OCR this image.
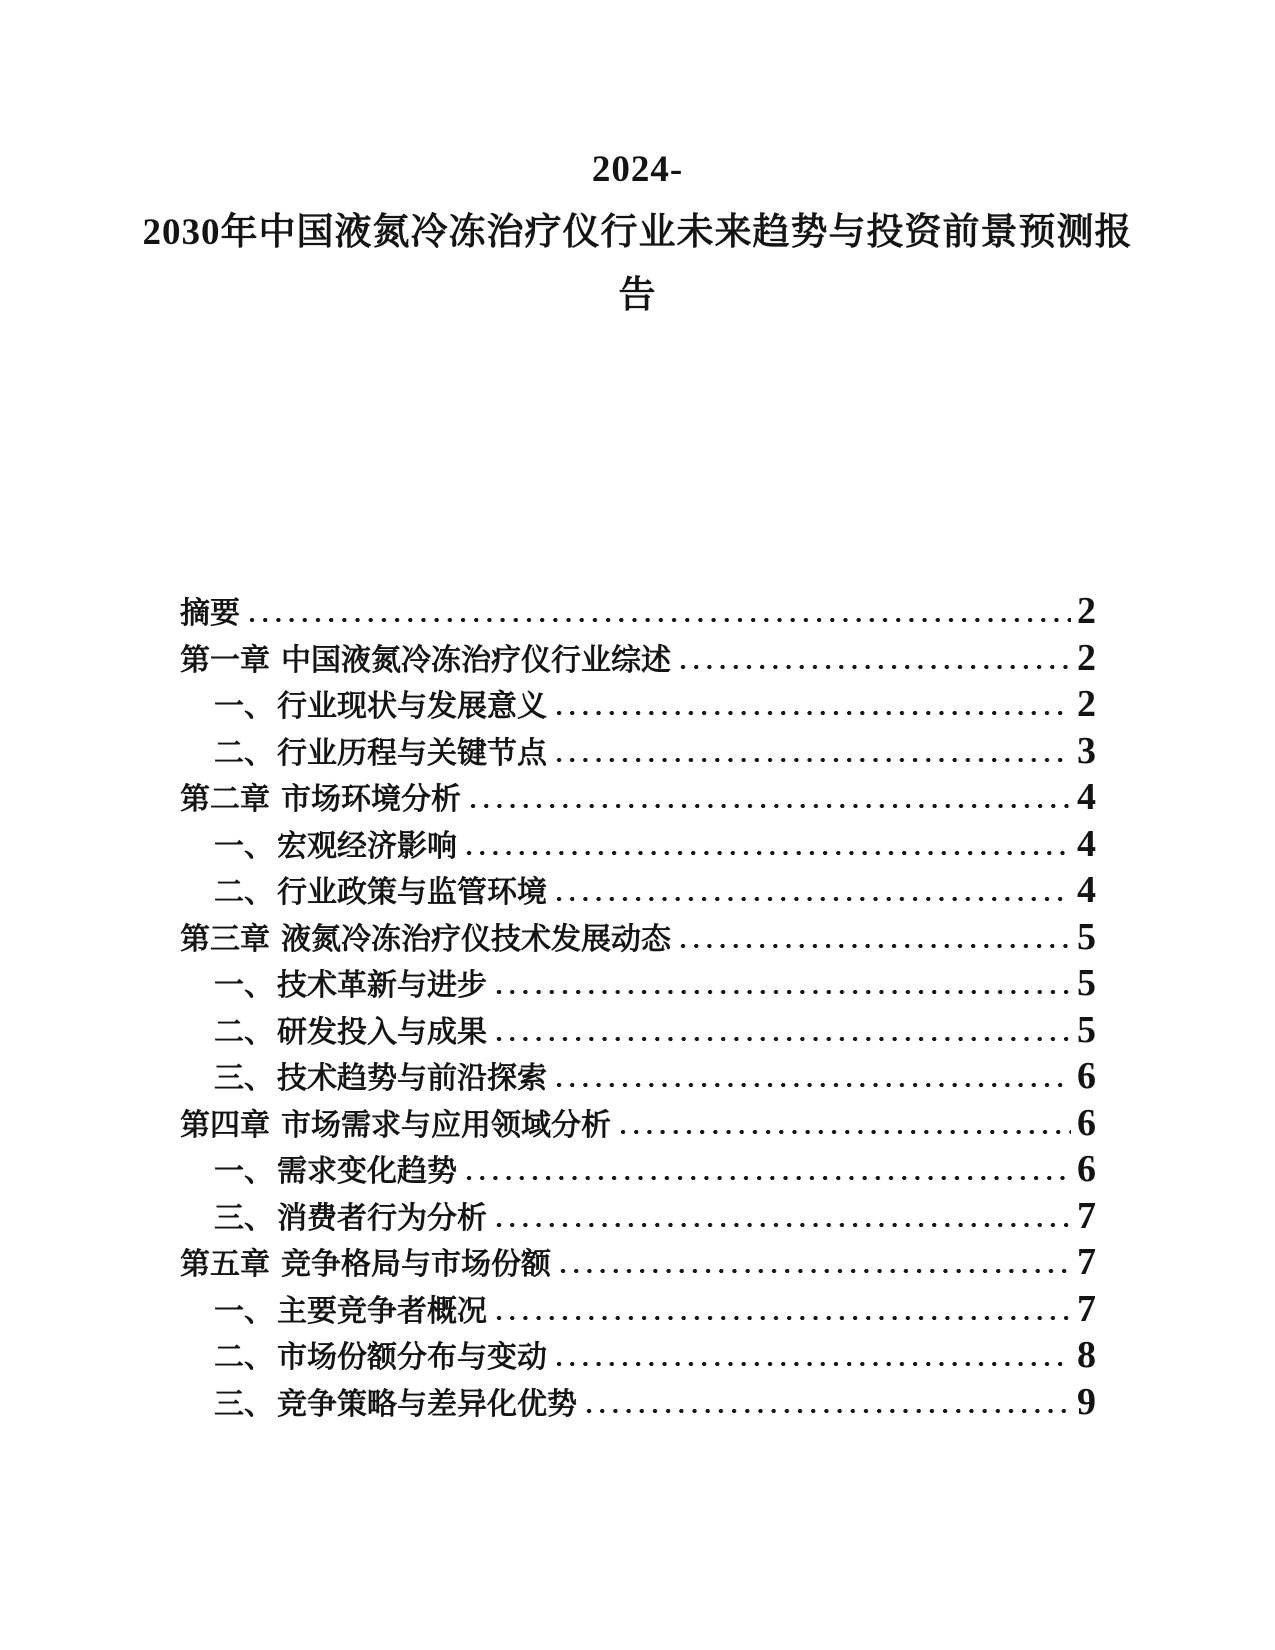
2024-
2030年中国液氮冷冻治疗仪行业未来趋势与投资前景预测报
告
摘要	2
第一章 中国液氮冷冻治疗仪行业综述	2
一、 行业现状与发展意义	2
二、 行业历程与关键节点	3
第二章 市场环境分析	4
一、 宏观经济影响	4
二、 行业政策与监管环境	4
第三章 液氮冷冻治疗仪技术发展动态	5
一、 技术革新与进步	5
二、 研发投入与成果	5
三、 技术趋势与前沿探索	6
第四章 市场需求与应用领域分析	6
一、 需求变化趋势	6
三、 消费者行为分析	7
第五章 竞争格局与市场份额	7
一、 主要竞争者概况	7
二、 市场份额分布与变动	8
三、 竞争策略与差异化优势	9
